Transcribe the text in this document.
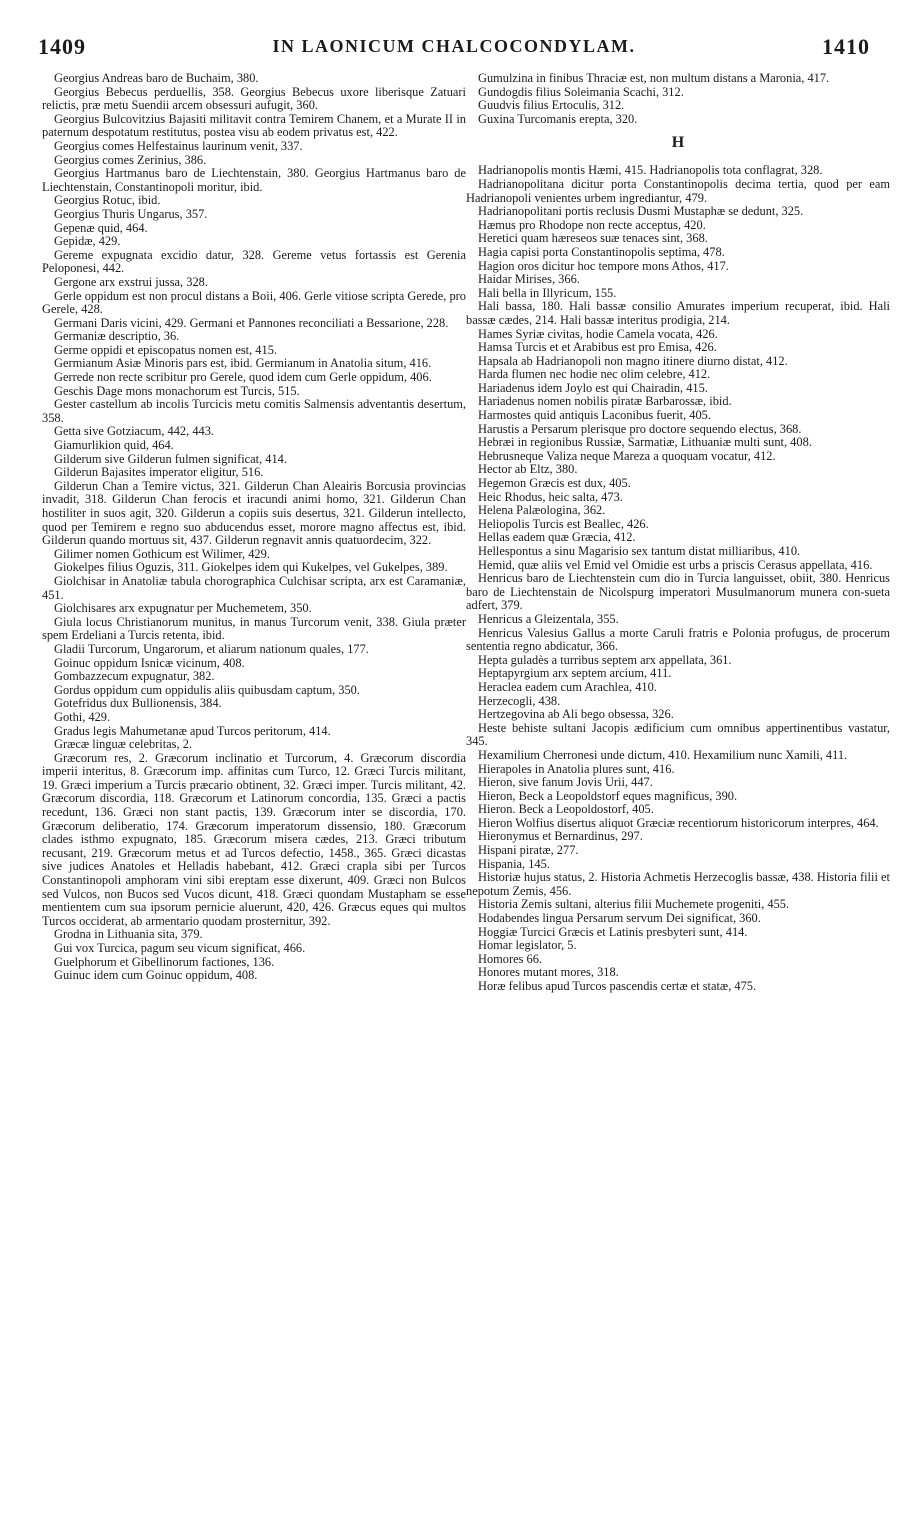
1409	IN LAONICUM CHALCOCONDYLAM.	1410

Georgius Andreas baro de Buchaim, 380.

Georgius Bebecus perduellis, 358. Georgius Bebecus uxore liberisque Zatuari relictis, præ metu Suendii arcem obsessuri aufugit, 360.

Georgius Bulcovitzius Bajasiti militavit contra Temirem Chanem, et a Murate II in paternum despotatum restitutus, postea visu ab eodem privatus est, 422.

Georgius comes Helfestainus laurinum venit, 337.

Georgius comes Zerinius, 386.

Georgius Hartmanus baro de Liechtenstain, 380. Georgius Hartmanus baro de Liechtenstain, Constantinopoli moritur, ibid.

Georgius Rotuc, ibid.

Georgius Thuris Ungarus, 357.

Gepenæ quid, 464.

Gepidæ, 429.

Gereme expugnata excidio datur, 328. Gereme vetus fortassis est Gerenia Peloponesi, 442.

Gergone arx exstrui jussa, 328.

Gerle oppidum est non procul distans a Boii, 406. Gerle vitiose scripta Gerede, pro Gerele, 428.

Germani Daris vicini, 429. Germani et Pannones reconciliati a Bessarione, 228.

Germaniæ descriptio, 36.

Germe oppidi et episcopatus nomen est, 415.

Germianum Asiæ Minoris pars est, ibid. Germianum in Anatolia situm, 416.

Gerrede non recte scribitur pro Gerele, quod idem cum Gerle oppidum, 406.

Geschis Dage mons monachorum est Turcis, 515.

Gester castellum ab incolis Turcicis metu comitis Salmensis adventantis desertum, 358.

Getta sive Gotziacum, 442, 443.

Giamurlikion quid, 464.

Gilderum sive Gilderun fulmen significat, 414.

Gilderun Bajasites imperator eligitur, 516.

Gilderun Chan a Temire victus, 321. Gilderun Chan Aleairis Borcusia provincias invadit, 318. Gilderun Chan ferocis et iracundi animi homo, 321. Gilderun Chan hostiliter in suos agit, 320. Gilderun a copiis suis desertus, 321. Gilderun intellecto, quod per Temirem e regno suo abducendus esset, morore magno affectus est, ibid. Gilderun quando mortuus sit, 437. Gilderun regnavit annis quatuordecim, 322.

Gilimer nomen Gothicum est Wilimer, 429.

Giokelpes filius Oguzis, 311. Giokelpes idem qui Kukelpes, vel Gukelpes, 389.

Giolchisar in Anatoliæ tabula chorographica Culchisar scripta, arx est Caramaniæ, 451.

Giolchisares arx expugnatur per Muchemetem, 350.

Giula locus Christianorum munitus, in manus Turcorum venit, 338. Giula præter spem Erdeliani a Turcis retenta, ibid.

Gladii Turcorum, Ungarorum, et aliarum nationum quales, 177.

Goinuc oppidum Isnicæ vicinum, 408.

Gombazzecum expugnatur, 382.

Gordus oppidum cum oppidulis aliis quibusdam captum, 350.

Gotefridus dux Bullionensis, 384.

Gothi, 429.

Gradus legis Mahumetanæ apud Turcos peritorum, 414.

Græcæ linguæ celebritas, 2.

Græcorum res, 2. Græcorum inclinatio et Turcorum, 4. Græcorum discordia imperii interitus, 8. Græcorum imp. affinitas cum Turco, 12. Græci Turcis militant, 19. Græci imperium a Turcis præcario obtinent, 32. Græci imper. Turcis militant, 42. Græcorum discordia, 118. Græcorum et Latinorum concordia, 135. Græci a pactis recedunt, 136. Græci non stant pactis, 139. Græcorum inter se discordia, 170. Græcorum deliberatio, 174. Græcorum imperatorum dissensio, 180. Græcorum clades isthmo expugnato, 185. Græcorum misera cædes, 213. Græci tributum recusant, 219. Græcorum metus et ad Turcos defectio, 1458., 365. Græci dicastas sive judices Anatoles et Helladis habebant, 412. Græci crapla sibi per Turcos Constantinopoli amphoram vini sibi ereptam esse dixerunt, 409. Græci non Bulcos sed Vulcos, non Bucos sed Vucos dicunt, 418. Græci quondam Mustapham se esse mentientem cum sua ipsorum pernicie aluerunt, 420, 426. Græcus eques qui multos Turcos occiderat, ab armentario quodam prosternitur, 392.

Grodna in Lithuania sita, 379.

Gui vox Turcica, pagum seu vicum significat, 466.

Guelphorum et Gibellinorum factiones, 136.

Guinuc idem cum Goinuc oppidum, 408.

Gumulzina in finibus Thraciæ est, non multum distans a Maronia, 417.

Gundogdis filius Soleimania Scachi, 312.

Guudvis filius Ertoculis, 312.

Guxina Turcomanis erepta, 320.

H

Hadrianopolis montis Hæmi, 415. Hadrianopolis tota conflagrat, 328.

Hadrianopolitana dicitur porta Constantinopolis decima tertia, quod per eam Hadrianopoli venientes urbem ingrediantur, 479.

Hadrianopolitani portis reclusis Dusmi Mustaphæ se dedunt, 325.

Hæmus pro Rhodope non recte acceptus, 420.

Heretici quam hæreseos suæ tenaces sint, 368.

Hagia capisi porta Constantinopolis septima, 478.

Hagion oros dicitur hoc tempore mons Athos, 417.

Haidar Mirises, 366.

Hali bella in Illyricum, 155.

Hali bassa, 180. Hali bassæ consilio Amurates imperium recuperat, ibid. Hali bassæ cædes, 214. Hali bassæ interitus prodigia, 214.

Hames Syriæ civitas, hodie Camela vocata, 426.

Hamsa Turcis et et Arabibus est pro Emisa, 426.

Hapsala ab Hadrianopoli non magno itinere diurno distat, 412.

Harda flumen nec hodie nec olim celebre, 412.

Hariadenus idem Joylo est qui Chairadin, 415.

Hariadenus nomen nobilis piratæ Barbarossæ, ibid.

Harmostes quid antiquis Laconibus fuerit, 405.

Harustis a Persarum plerisque pro doctore sequendo electus, 368.

Hebræi in regionibus Russiæ, Sarmatiæ, Lithuaniæ multi sunt, 408.

Hebrusneque Valiza neque Mareza a quoquam vocatur, 412.

Hector ab Eltz, 380.

Hegemon Græcis est dux, 405.

Heic Rhodus, heic salta, 473.

Helena Palæologina, 362.

Heliopolis Turcis est Beallec, 426.

Hellas eadem quæ Græcia, 412.

Hellespontus a sinu Magarisio sex tantum distat milliaribus, 410.

Hemid, quæ aliis vel Emid vel Omidie est urbs a priscis Cerasus appellata, 416.

Henricus baro de Liechtenstein cum dio in Turcia languisset, obiit, 380. Henricus baro de Liechtenstain de Nicolspurg imperatori Musulmanorum munera con-suetа adfert, 379.

Henricus a Gleizentala, 355.

Henricus Valesius Gallus a morte Caruli fratris e Polonia profugus, de procerum sententia regno abdicatur, 366.

Hepta guladès a turribus septem arx appellata, 361.

Heptapyrgium arx septem arcium, 411.

Heraclea eadem cum Arachlea, 410.

Herzecogli, 438.

Hertzegovina ab Ali bego obsessa, 326.

Heste behiste sultani Jacopis ædificium cum omnibus appertinentibus vastatur, 345.

Hexamilium Cherronesi unde dictum, 410. Hexamilium nunc Xamili, 411.

Hierapoles in Anatolia plures sunt, 416.

Hieron, sive fanum Jovis Urii, 447.

Hieron, Beck a Leopoldstorf eques magnificus, 390.

Hieron. Beck a Leopoldostorf, 405.

Hieron Wolfius disertus aliquot Græciæ recentiorum historicorum interpres, 464.

Hieronymus et Bernardinus, 297.

Hispani piratæ, 277.

Hispania, 145.

Historiæ hujus status, 2. Historia Achmetis Herzecoglis bassæ, 438. Historia filii et nepotum Zemis, 456.

Historia Zemis sultani, alterius filii Muchemete progeniti, 455.

Hodabendes lingua Persarum servum Dei significat, 360.

Hoggiæ Turcici Græcis et Latinis presbyteri sunt, 414.

Homar legislator, 5.

Homores 66.

Honores mutant mores, 318.

Horæ felibus apud Turcos pascendis certæ et statæ, 475.
